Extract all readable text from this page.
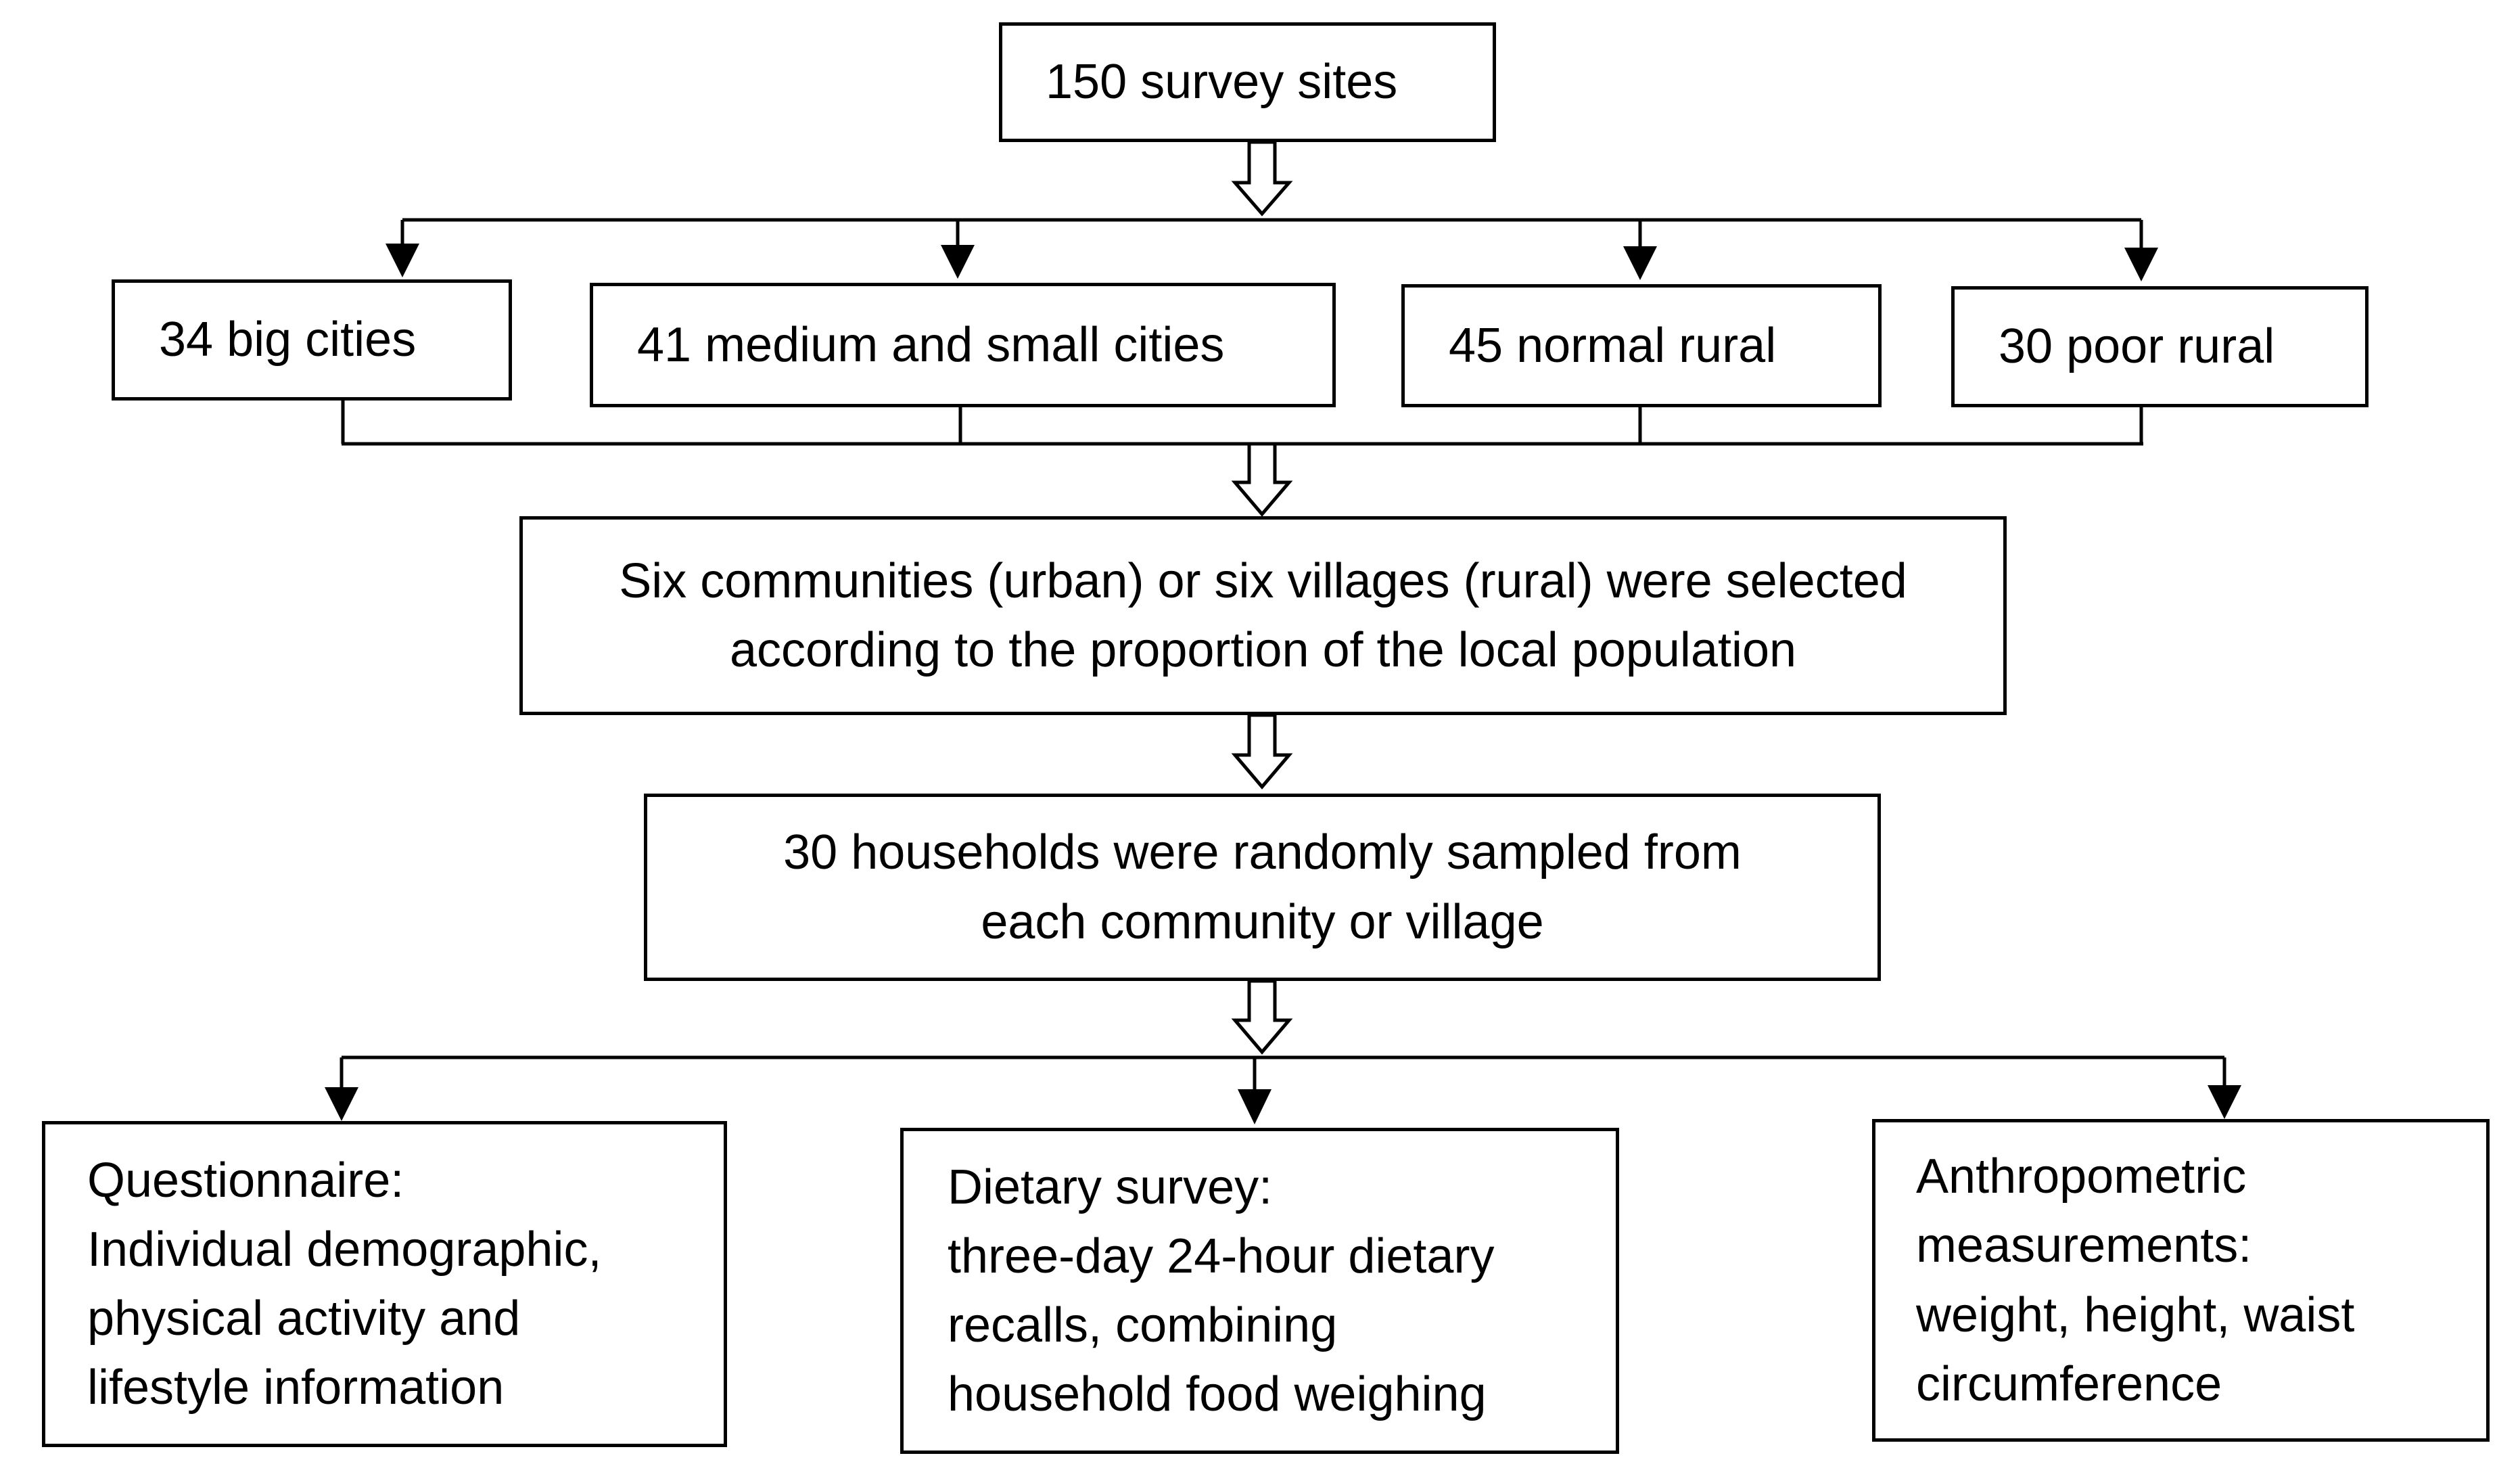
150 survey sites
34 big cities	41 medium and small cities	45 normal rural	30 poor rural
Six communities (urban) or six villages (rural) were selected
according to the proportion of the local population
30 households were randomly sampled from
each community or village
Questionnaire:
Individual demographic,
physical activity and
lifestyle information
Dietary survey:
three-day 24-hour dietary
recalls, combining
household food weighing
Anthropometric
measurements:
weight, height, waist
circumference
